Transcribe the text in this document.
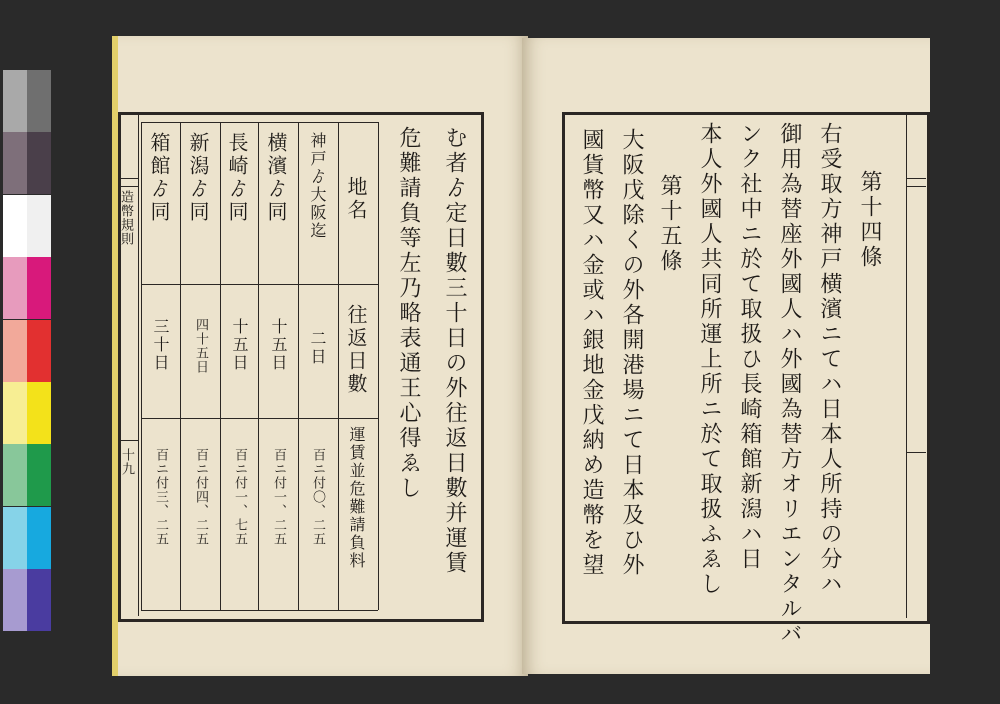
造幣規則
十九	む者ゟ定日數三十日の外往返日數并運賃
危難請負等左乃略表通王心得ゑし
地名
往返日數
運賃並危難請負料
神戸ゟ大阪迄
二日
百ニ付〇、二五
横濱ゟ同
十五日
百ニ付一、二五
長崎ゟ同
十五日
百ニ付一、七五
新潟ゟ同
四十五日
百ニ付四、二五
箱館ゟ同
三十日
百ニ付三、二五
第十四條
右受取方神戸横濱ニてハ日本人所持の分ハ
御用為替座外國人ハ外國為替方オリエンタルバ
ンク社中ニ於て取扱ひ長崎箱館新潟ハ日
本人外國人共同所運上所ニ於て取扱ふゑし
第十五條
大阪戊除くの外各開港場ニて日本及ひ外
國貨幣又ハ金或ハ銀地金戊納め造幣を望
